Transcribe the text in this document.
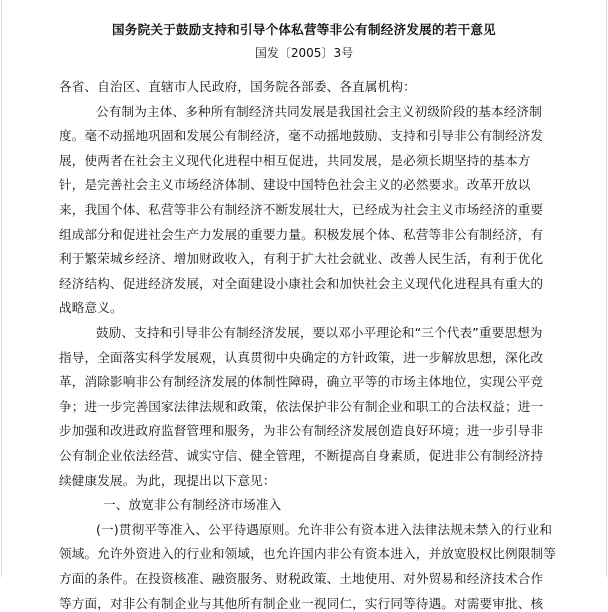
国务院关于鼓励支持和引导个体私营等非公有制经济发展的若干意见
国发〔2005〕3号
各省、自治区、直辖市人民政府，国务院各部委、各直属机构：
公有制为主体、多种所有制经济共同发展是我国社会主义初级阶段的基本经济制
度。毫不动摇地巩固和发展公有制经济，毫不动摇地鼓励、支持和引导非公有制经济发
展，使两者在社会主义现代化进程中相互促进，共同发展，是必须长期坚持的基本方
针，是完善社会主义市场经济体制、建设中国特色社会主义的必然要求。改革开放以
来，我国个体、私营等非公有制经济不断发展壮大，已经成为社会主义市场经济的重要
组成部分和促进社会生产力发展的重要力量。积极发展个体、私营等非公有制经济，有
利于繁荣城乡经济、增加财政收入，有利于扩大社会就业、改善人民生活，有利于优化
经济结构、促进经济发展，对全面建设小康社会和加快社会主义现代化进程具有重大的
战略意义。
鼓励、支持和引导非公有制经济发展，要以邓小平理论和“三个代表”重要思想为
指导，全面落实科学发展观，认真贯彻中央确定的方针政策，进一步解放思想，深化改
革，消除影响非公有制经济发展的体制性障碍，确立平等的市场主体地位，实现公平竞
争；进一步完善国家法律法规和政策，依法保护非公有制企业和职工的合法权益；进一
步加强和改进政府监督管理和服务，为非公有制经济发展创造良好环境；进一步引导非
公有制企业依法经营、诚实守信、健全管理，不断提高自身素质，促进非公有制经济持
续健康发展。为此，现提出以下意见：
一、放宽非公有制经济市场准入
(一)贯彻平等准入、公平待遇原则。允许非公有资本进入法律法规未禁入的行业和
领域。允许外资进入的行业和领域，也允许国内非公有资本进入，并放宽股权比例限制等
方面的条件。在投资核准、融资服务、财税政策、土地使用、对外贸易和经济技术合作
等方面，对非公有制企业与其他所有制企业一视同仁，实行同等待遇。对需要审批、核
